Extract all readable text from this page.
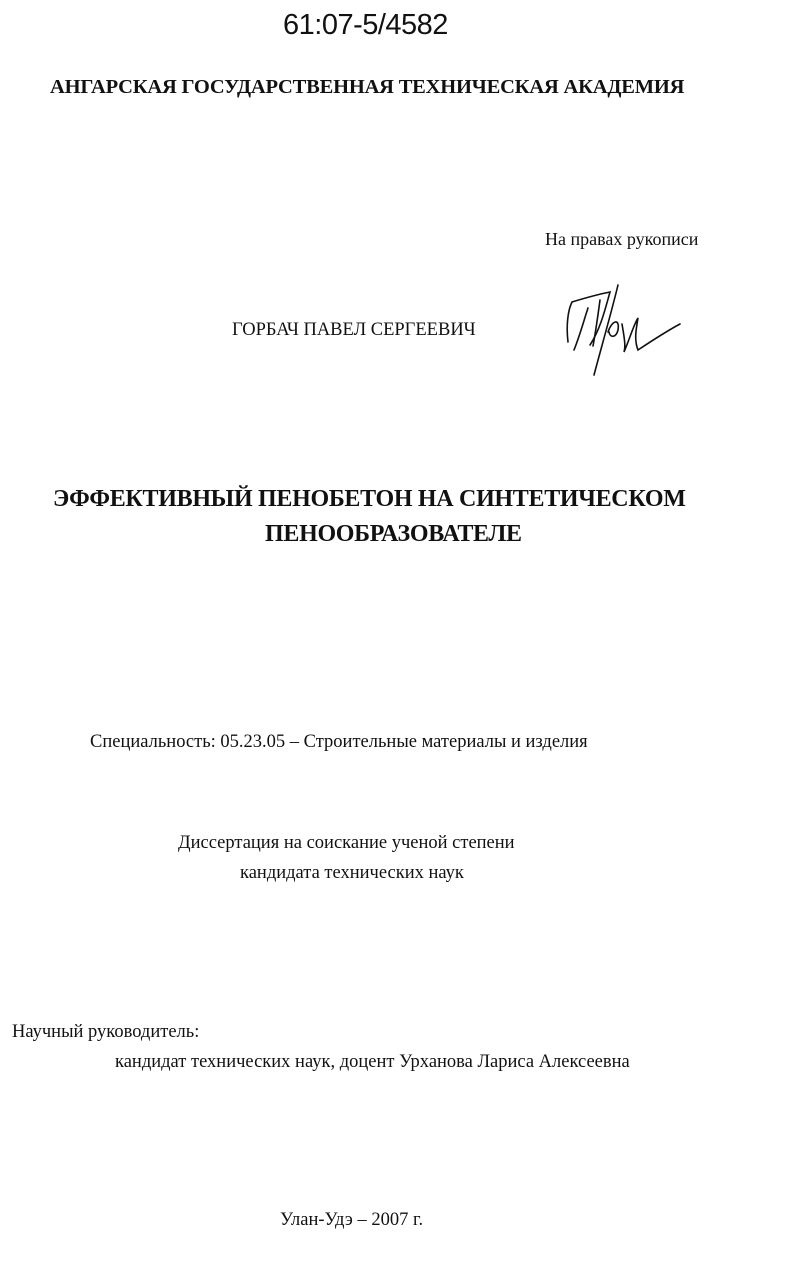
61:07-5/4582
АНГАРСКАЯ ГОСУДАРСТВЕННАЯ ТЕХНИЧЕСКАЯ АКАДЕМИЯ
На правах рукописи
ГОРБАЧ ПАВЕЛ СЕРГЕЕВИЧ
ЭФФЕКТИВНЫЙ ПЕНОБЕТОН НА СИНТЕТИЧЕСКОМ
ПЕНООБРАЗОВАТЕЛЕ
Специальность: 05.23.05 – Строительные материалы и изделия
Диссертация на соискание ученой степени
кандидата технических наук
Научный руководитель:
кандидат технических наук, доцент Урханова Лариса Алексеевна
Улан-Удэ – 2007 г.
